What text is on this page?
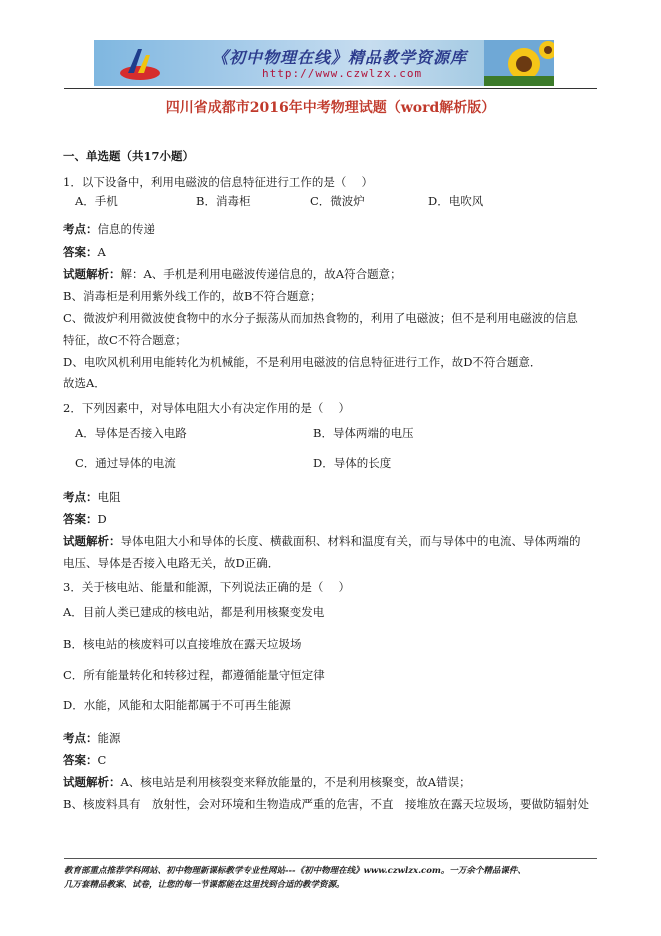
《初中物理在线》精品教学资源库
http://www.czwlzx.com
四川省成都市2016年中考物理试题（word解析版）
一、单选题（共17小题）
1．以下设备中，利用电磁波的信息特征进行工作的是（　 ）
A．手机	B．消毒柜	C．微波炉	D．电吹风
考点：信息的传递
答案：A
试题解析：解：A、手机是利用电磁波传递信息的，故A符合题意；
B、消毒柜是利用紫外线工作的，故B不符合题意；
C、微波炉利用微波使食物中的水分子振荡从而加热食物的，利用了电磁波；但不是利用电磁波的信息
特征，故C不符合题意；
D、电吹风机利用电能转化为机械能，不是利用电磁波的信息特征进行工作，故D不符合题意．
故选A．
2．下列因素中，对导体电阻大小有决定作用的是（　 ）
A．导体是否接入电路	B．导体两端的电压
C．通过导体的电流	D．导体的长度
考点：电阻
答案：D
试题解析：导体电阻大小和导体的长度、横截面积、材料和温度有关，而与导体中的电流、导体两端的
电压、导体是否接入电路无关，故D正确．
3．关于核电站、能量和能源，下列说法正确的是（　 ）
A．目前人类已建成的核电站，都是利用核聚变发电
B．核电站的核废料可以直接堆放在露天垃圾场
C．所有能量转化和转移过程，都遵循能量守恒定律
D．水能，风能和太阳能都属于不可再生能源
考点：能源
答案：C
试题解析：A、核电站是利用核裂变来释放能量的，不是利用核聚变，故A错误；
B、核废料具有　放射性，会对环境和生物造成严重的危害，不直　接堆放在露天垃圾场，要做防辐射处
教育部重点推荐学科网站、初中物理新课标教学专业性网站---《初中物理在线》www.czwlzx.com。一万余个精品课件、
几万套精品教案、试卷，让您的每一节课都能在这里找到合适的教学资源。
